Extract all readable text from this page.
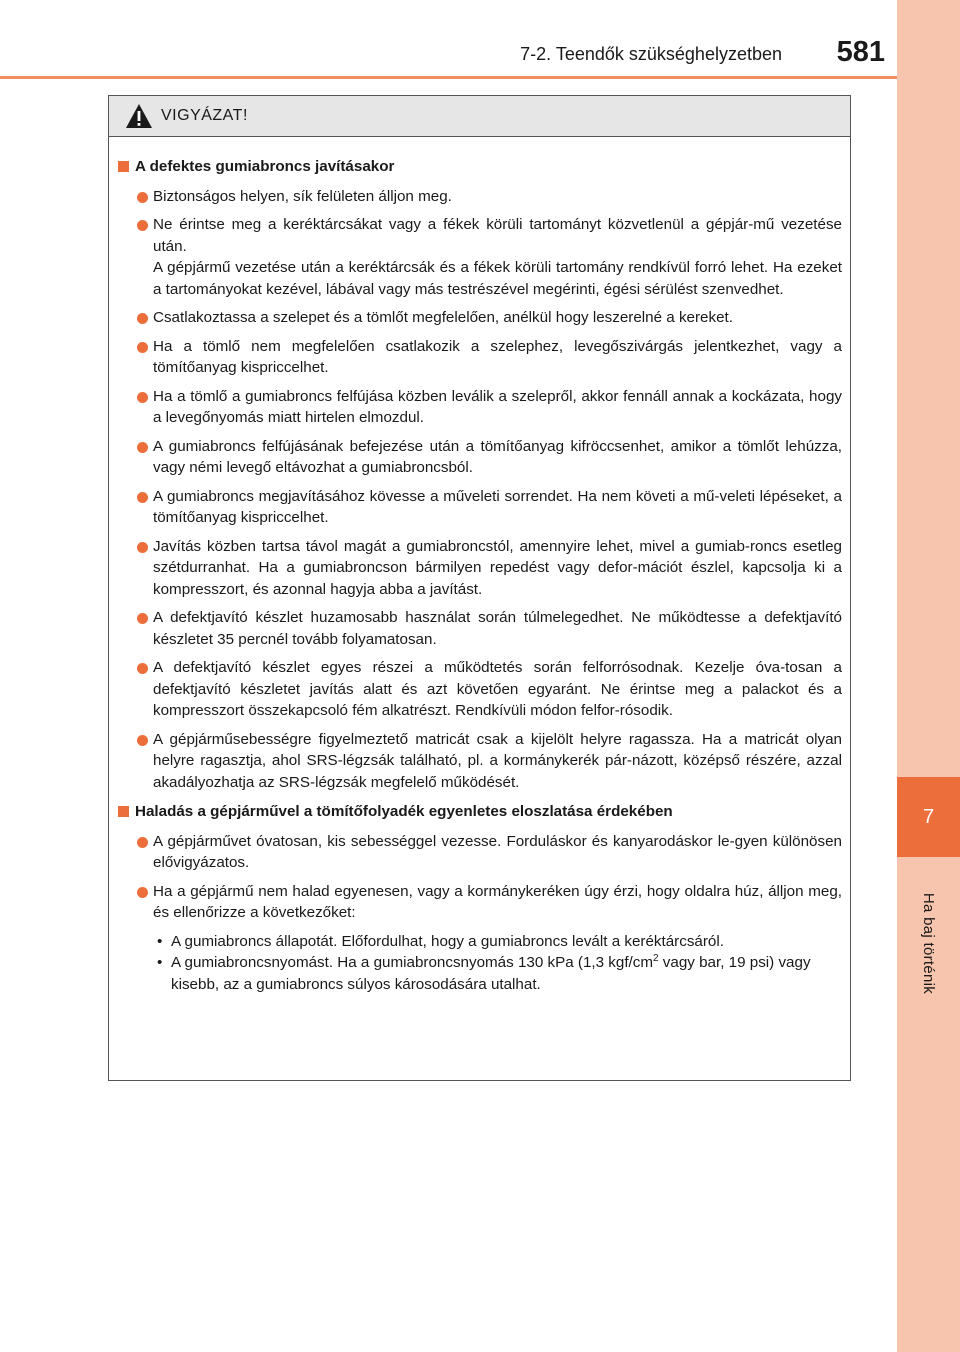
7
Ha baj történik
7-2. Teendők szükséghelyzetben 581
VIGYÁZAT!
A defektes gumiabroncs javításakor

Biztonságos helyen, sík felületen álljon meg.

Ne érintse meg a keréktárcsákat vagy a fékek körüli tartományt közvetlenül a gépjár-mű vezetése után.

A gépjármű vezetése után a keréktárcsák és a fékek körüli tartomány rendkívül forró lehet. Ha ezeket a tartományokat kezével, lábával vagy más testrészével megérinti, égési sérülést szenvedhet.

Csatlakoztassa a szelepet és a tömlőt megfelelően, anélkül hogy leszerelné a kereket.

Ha a tömlő nem megfelelően csatlakozik a szelephez, levegőszivárgás jelentkezhet, vagy a tömítőanyag kispriccelhet.

Ha a tömlő a gumiabroncs felfújása közben leválik a szelepről, akkor fennáll annak a kockázata, hogy a levegőnyomás miatt hirtelen elmozdul.

A gumiabroncs felfújásának befejezése után a tömítőanyag kifröccsenhet, amikor a tömlőt lehúzza, vagy némi levegő eltávozhat a gumiabroncsból.

A gumiabroncs megjavításához kövesse a műveleti sorrendet. Ha nem követi a mű-veleti lépéseket, a tömítőanyag kispriccelhet.

Javítás közben tartsa távol magát a gumiabroncstól, amennyire lehet, mivel a gumiab-roncs esetleg szétdurranhat. Ha a gumiabroncson bármilyen repedést vagy defor-mációt észlel, kapcsolja ki a kompresszort, és azonnal hagyja abba a javítást.

A defektjavító készlet huzamosabb használat során túlmelegedhet. Ne működtesse a defektjavító készletet 35 percnél tovább folyamatosan.

A defektjavító készlet egyes részei a működtetés során felforrósodnak. Kezelje óva-tosan a defektjavító készletet javítás alatt és azt követően egyaránt. Ne érintse meg a palackot és a kompresszort összekapcsoló fém alkatrészt. Rendkívüli módon felfor-rósodik.

A gépjárműsebességre figyelmeztető matricát csak a kijelölt helyre ragassza. Ha a matricát olyan helyre ragasztja, ahol SRS-légzsák található, pl. a kormánykerék pár-názott, középső részére, azzal akadályozhatja az SRS-légzsák megfelelő működését.

Haladás a gépjárművel a tömítőfolyadék egyenletes eloszlatása érdekében

A gépjárművet óvatosan, kis sebességgel vezesse. Forduláskor és kanyarodáskor le-gyen különösen elővigyázatos.

Ha a gépjármű nem halad egyenesen, vagy a kormánykeréken úgy érzi, hogy oldalra húz, álljon meg, és ellenőrizze a következőket:

• A gumiabroncs állapotát. Előfordulhat, hogy a gumiabroncs levált a keréktárcsáról.
• A gumiabroncsnyomást. Ha a gumiabroncsnyomás 130 kPa (1,3 kgf/$cm^2$ vagy bar, 19 psi) vagy kisebb, az a gumiabroncs súlyos károsodására utalhat.
